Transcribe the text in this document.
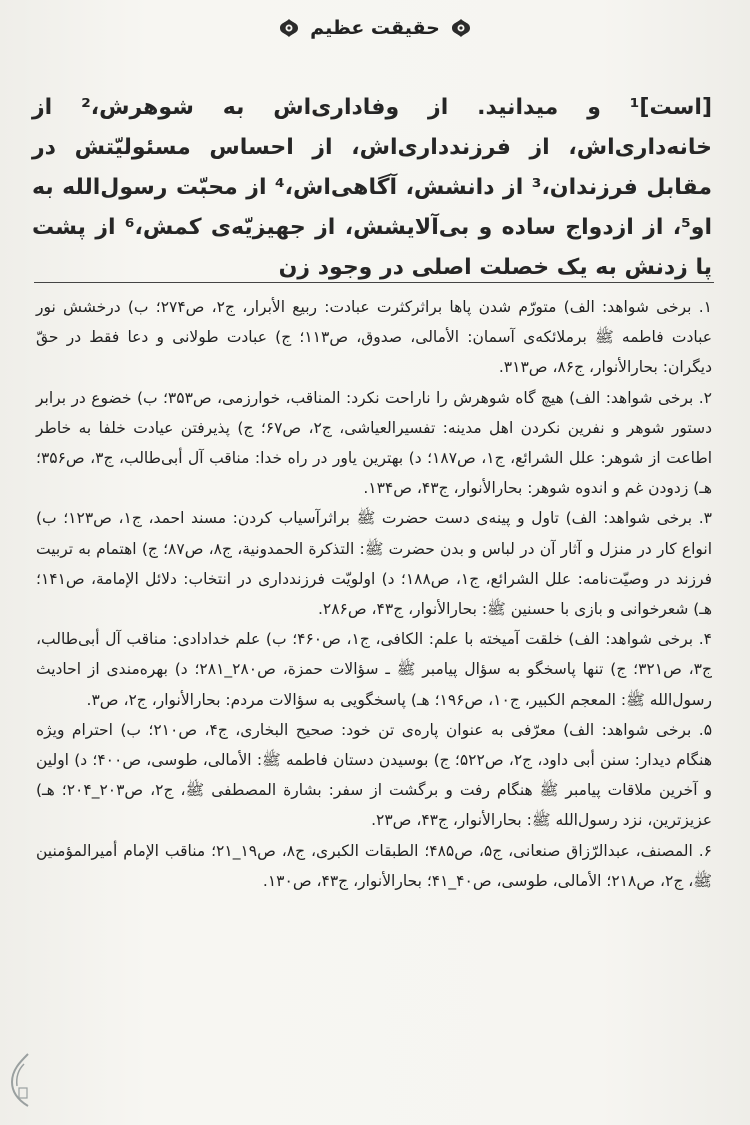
حقیقت عظیم
[است]¹ و میدانید. از وفاداری‌اش به شوهرش،² از خانه‌داری‌اش، از فرزندداری‌اش، از احساس مسئولیّتش در مقابل فرزندان،³ از دانشش، آگاهی‌اش،⁴ از محبّت رسول‌الله به او⁵، از ازدواج ساده و بی‌آلایشش، از جهیزیّه‌ی کمش،⁶ از پشت پا زدنش به یک خصلت اصلی در وجود زن

۱. برخی شواهد: الف) متورّم شدن پاها براثرکثرت عبادت: ربیع الأبرار، ج۲، ص۲۷۴؛ ب) درخشش نور عبادت فاطمه ﷺ برملائکه‌ی آسمان: الأمالی، صدوق، ص۱۱۳؛ ج) عبادت طولانی و دعا فقط در حقّ دیگران: بحارالأنوار، ج۸۶، ص۳۱۳.

۲. برخی شواهد: الف) هیچ گاه شوهرش را ناراحت نکرد: المناقب، خوارزمی، ص۳۵۳؛ ب) خضوع در برابر دستور شوهر و نفرین نکردن اهل مدینه: تفسیرالعیاشی، ج۲، ص۶۷؛ ج) پذیرفتن عیادت خلفا به خاطر اطاعت از شوهر: علل الشرائع، ج۱، ص۱۸۷؛ د) بهترین یاور در راه خدا: مناقب آل أبی‌طالب، ج۳، ص۳۵۶؛ هـ) زدودن غم و اندوه شوهر: بحارالأنوار، ج۴۳، ص۱۳۴.

۳. برخی شواهد: الف) تاول و پینه‌ی دست حضرت ﷺ براثرآسیاب کردن: مسند احمد، ج۱، ص۱۲۳؛ ب) انواع کار در منزل و آثار آن در لباس و بدن حضرت ﷺ: التذکرة الحمدونیة، ج۸، ص۸۷؛ ج) اهتمام به تربیت فرزند در وصیّت‌نامه: علل الشرائع، ج۱، ص۱۸۸؛ د) اولویّت فرزندداری در انتخاب: دلائل الإمامة، ص۱۴۱؛ هـ) شعرخوانی و بازی با حسنین ﷺ: بحارالأنوار، ج۴۳، ص۲۸۶.

۴. برخی شواهد: الف) خلقت آمیخته با علم: الکافی، ج۱، ص۴۶۰؛ ب) علم خدادادی: مناقب آل أبی‌طالب، ج۳، ص۳۲۱؛ ج) تنها پاسخگو به سؤال پیامبر ﷺ ـ سؤالات حمزة، ص۲۸۰_۲۸۱؛ د) بهره‌مندی از احادیث رسول‌الله ﷺ: المعجم الکبیر، ج۱۰، ص۱۹۶؛ هـ) پاسخگویی به سؤالات مردم: بحارالأنوار، ج۲، ص۳.

۵. برخی شواهد: الف) معرّفی به عنوان پاره‌ی تن خود: صحیح البخاری، ج۴، ص۲۱۰؛ ب) احترام ویژه هنگام دیدار: سنن أبی داود، ج۲، ص۵۲۲؛ ج) بوسیدن دستان فاطمه ﷺ: الأمالی، طوسی، ص۴۰۰؛ د) اولین و آخرین ملاقات پیامبر ﷺ هنگام رفت و برگشت از سفر: بشارة المصطفی ﷺ، ج۲، ص۲۰۳_۲۰۴؛ هـ) عزیزترین، نزد رسول‌الله ﷺ: بحارالأنوار، ج۴۳، ص۲۳.

۶. المصنف، عبدالرّزاق صنعانی، ج۵، ص۴۸۵؛ الطبقات الکبری، ج۸، ص۱۹_۲۱؛ مناقب الإمام أمیرالمؤمنین ﷺ، ج۲، ص۲۱۸؛ الأمالی، طوسی، ص۴۰_۴۱؛ بحارالأنوار، ج۴۳، ص۱۳۰.
